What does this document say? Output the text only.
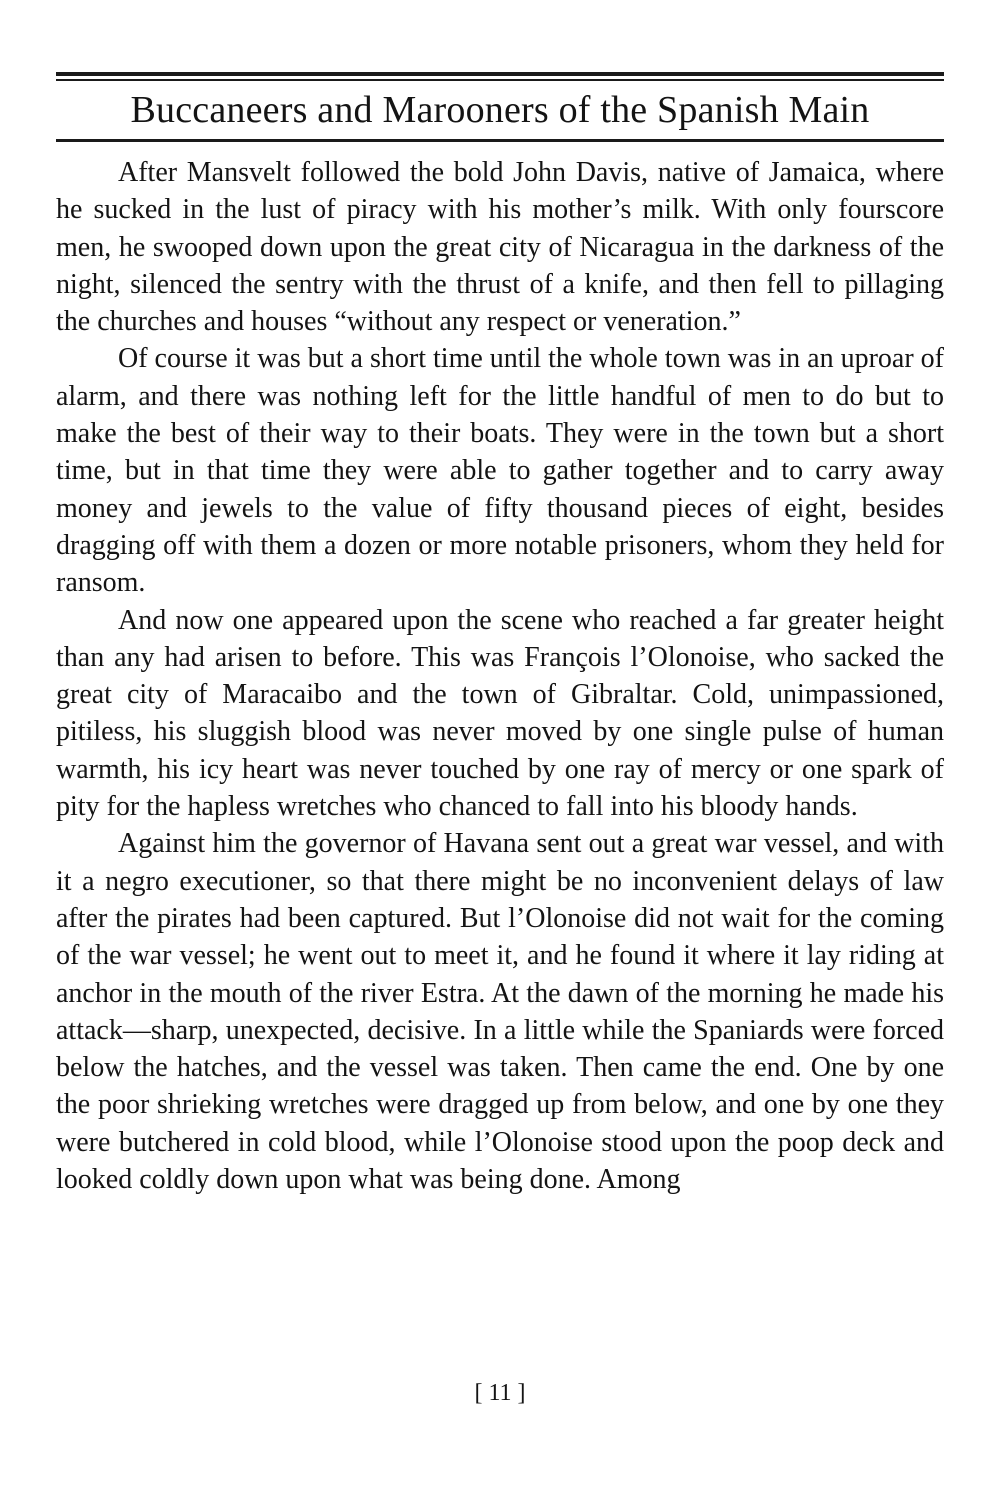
Buccaneers and Marooners of the Spanish Main

After Mansvelt followed the bold John Davis, native of Jamaica, where he sucked in the lust of piracy with his mother’s milk. With only fourscore men, he swooped down upon the great city of Nicaragua in the darkness of the night, silenced the sentry with the thrust of a knife, and then fell to pillaging the churches and houses “without any respect or veneration.”

Of course it was but a short time until the whole town was in an uproar of alarm, and there was nothing left for the little handful of men to do but to make the best of their way to their boats. They were in the town but a short time, but in that time they were able to gather together and to carry away money and jewels to the value of fifty thousand pieces of eight, besides dragging off with them a dozen or more notable prisoners, whom they held for ransom.

And now one appeared upon the scene who reached a far greater height than any had arisen to before. This was François l’Olonoise, who sacked the great city of Maracaibo and the town of Gibraltar. Cold, unimpassioned, pitiless, his sluggish blood was never moved by one single pulse of human warmth, his icy heart was never touched by one ray of mercy or one spark of pity for the hapless wretches who chanced to fall into his bloody hands.

Against him the governor of Havana sent out a great war vessel, and with it a negro executioner, so that there might be no inconvenient delays of law after the pirates had been captured. But l’Olonoise did not wait for the coming of the war vessel; he went out to meet it, and he found it where it lay riding at anchor in the mouth of the river Estra. At the dawn of the morning he made his attack—sharp, unexpected, decisive. In a little while the Spaniards were forced below the hatches, and the vessel was taken. Then came the end. One by one the poor shrieking wretches were dragged up from below, and one by one they were butchered in cold blood, while l’Olonoise stood upon the poop deck and looked coldly down upon what was being done. Among

[ 11 ]
